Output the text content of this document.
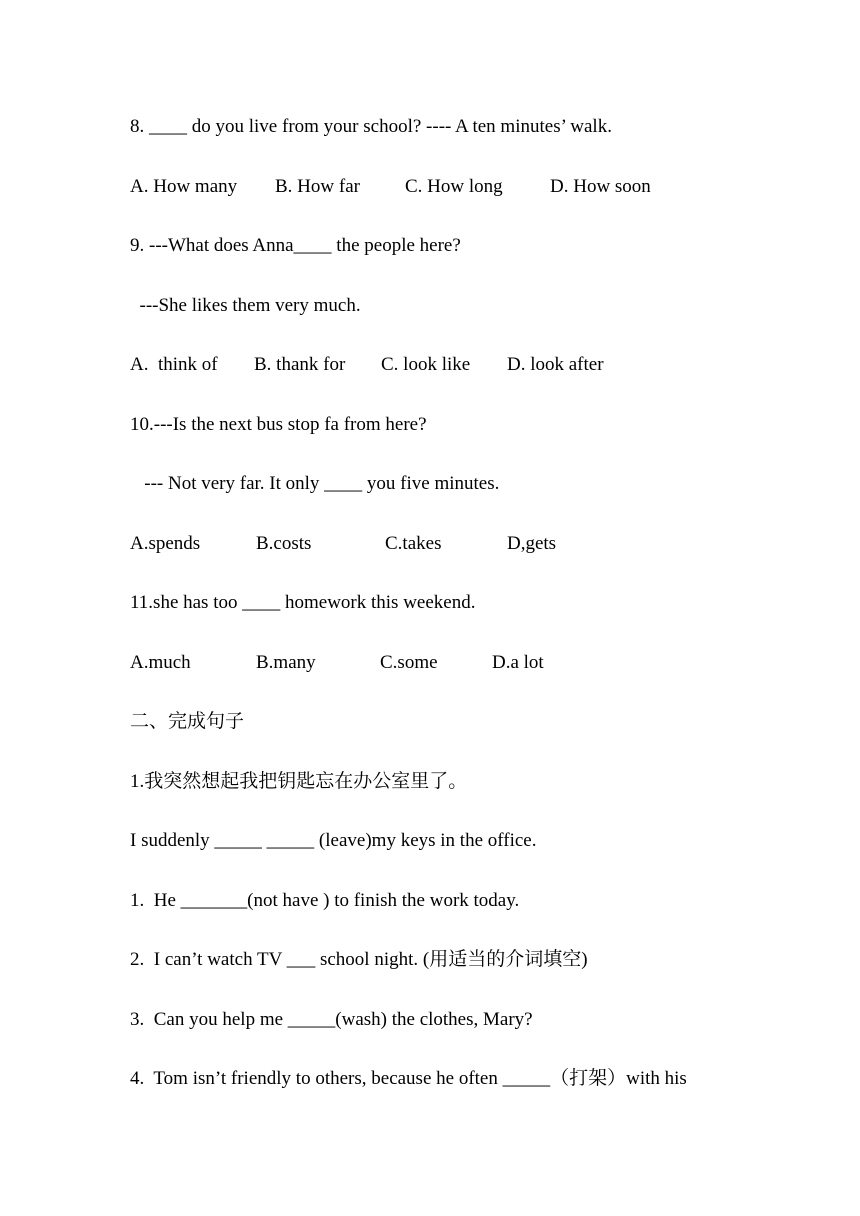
8. ____ do you live from your school? ---- A ten minutes’ walk.
A. How many B. How far C. How long D. How soon
9. ---What does Anna____ the people here?
---She likes them very much.
A.  think of B. thank for C. look like D. look after
10.---Is the next bus stop fa from here?
--- Not very far. It only ____ you five minutes.
A.spends	B.costs	C.takes	D,gets
11.she has too ____ homework this weekend.
A.much	B.many	C.some	D.a lot
二、完成句子
1.我突然想起我把钥匙忘在办公室里了。
I suddenly _____ _____ (leave)my keys in the office.
1.  He _______(not have ) to finish the work today.
2.  I can’t watch TV ___ school night. (用适当的介词填空)
3.  Can you help me _____(wash) the clothes, Mary?
4.  Tom isn’t friendly to others, because he often _____（打架）with his
